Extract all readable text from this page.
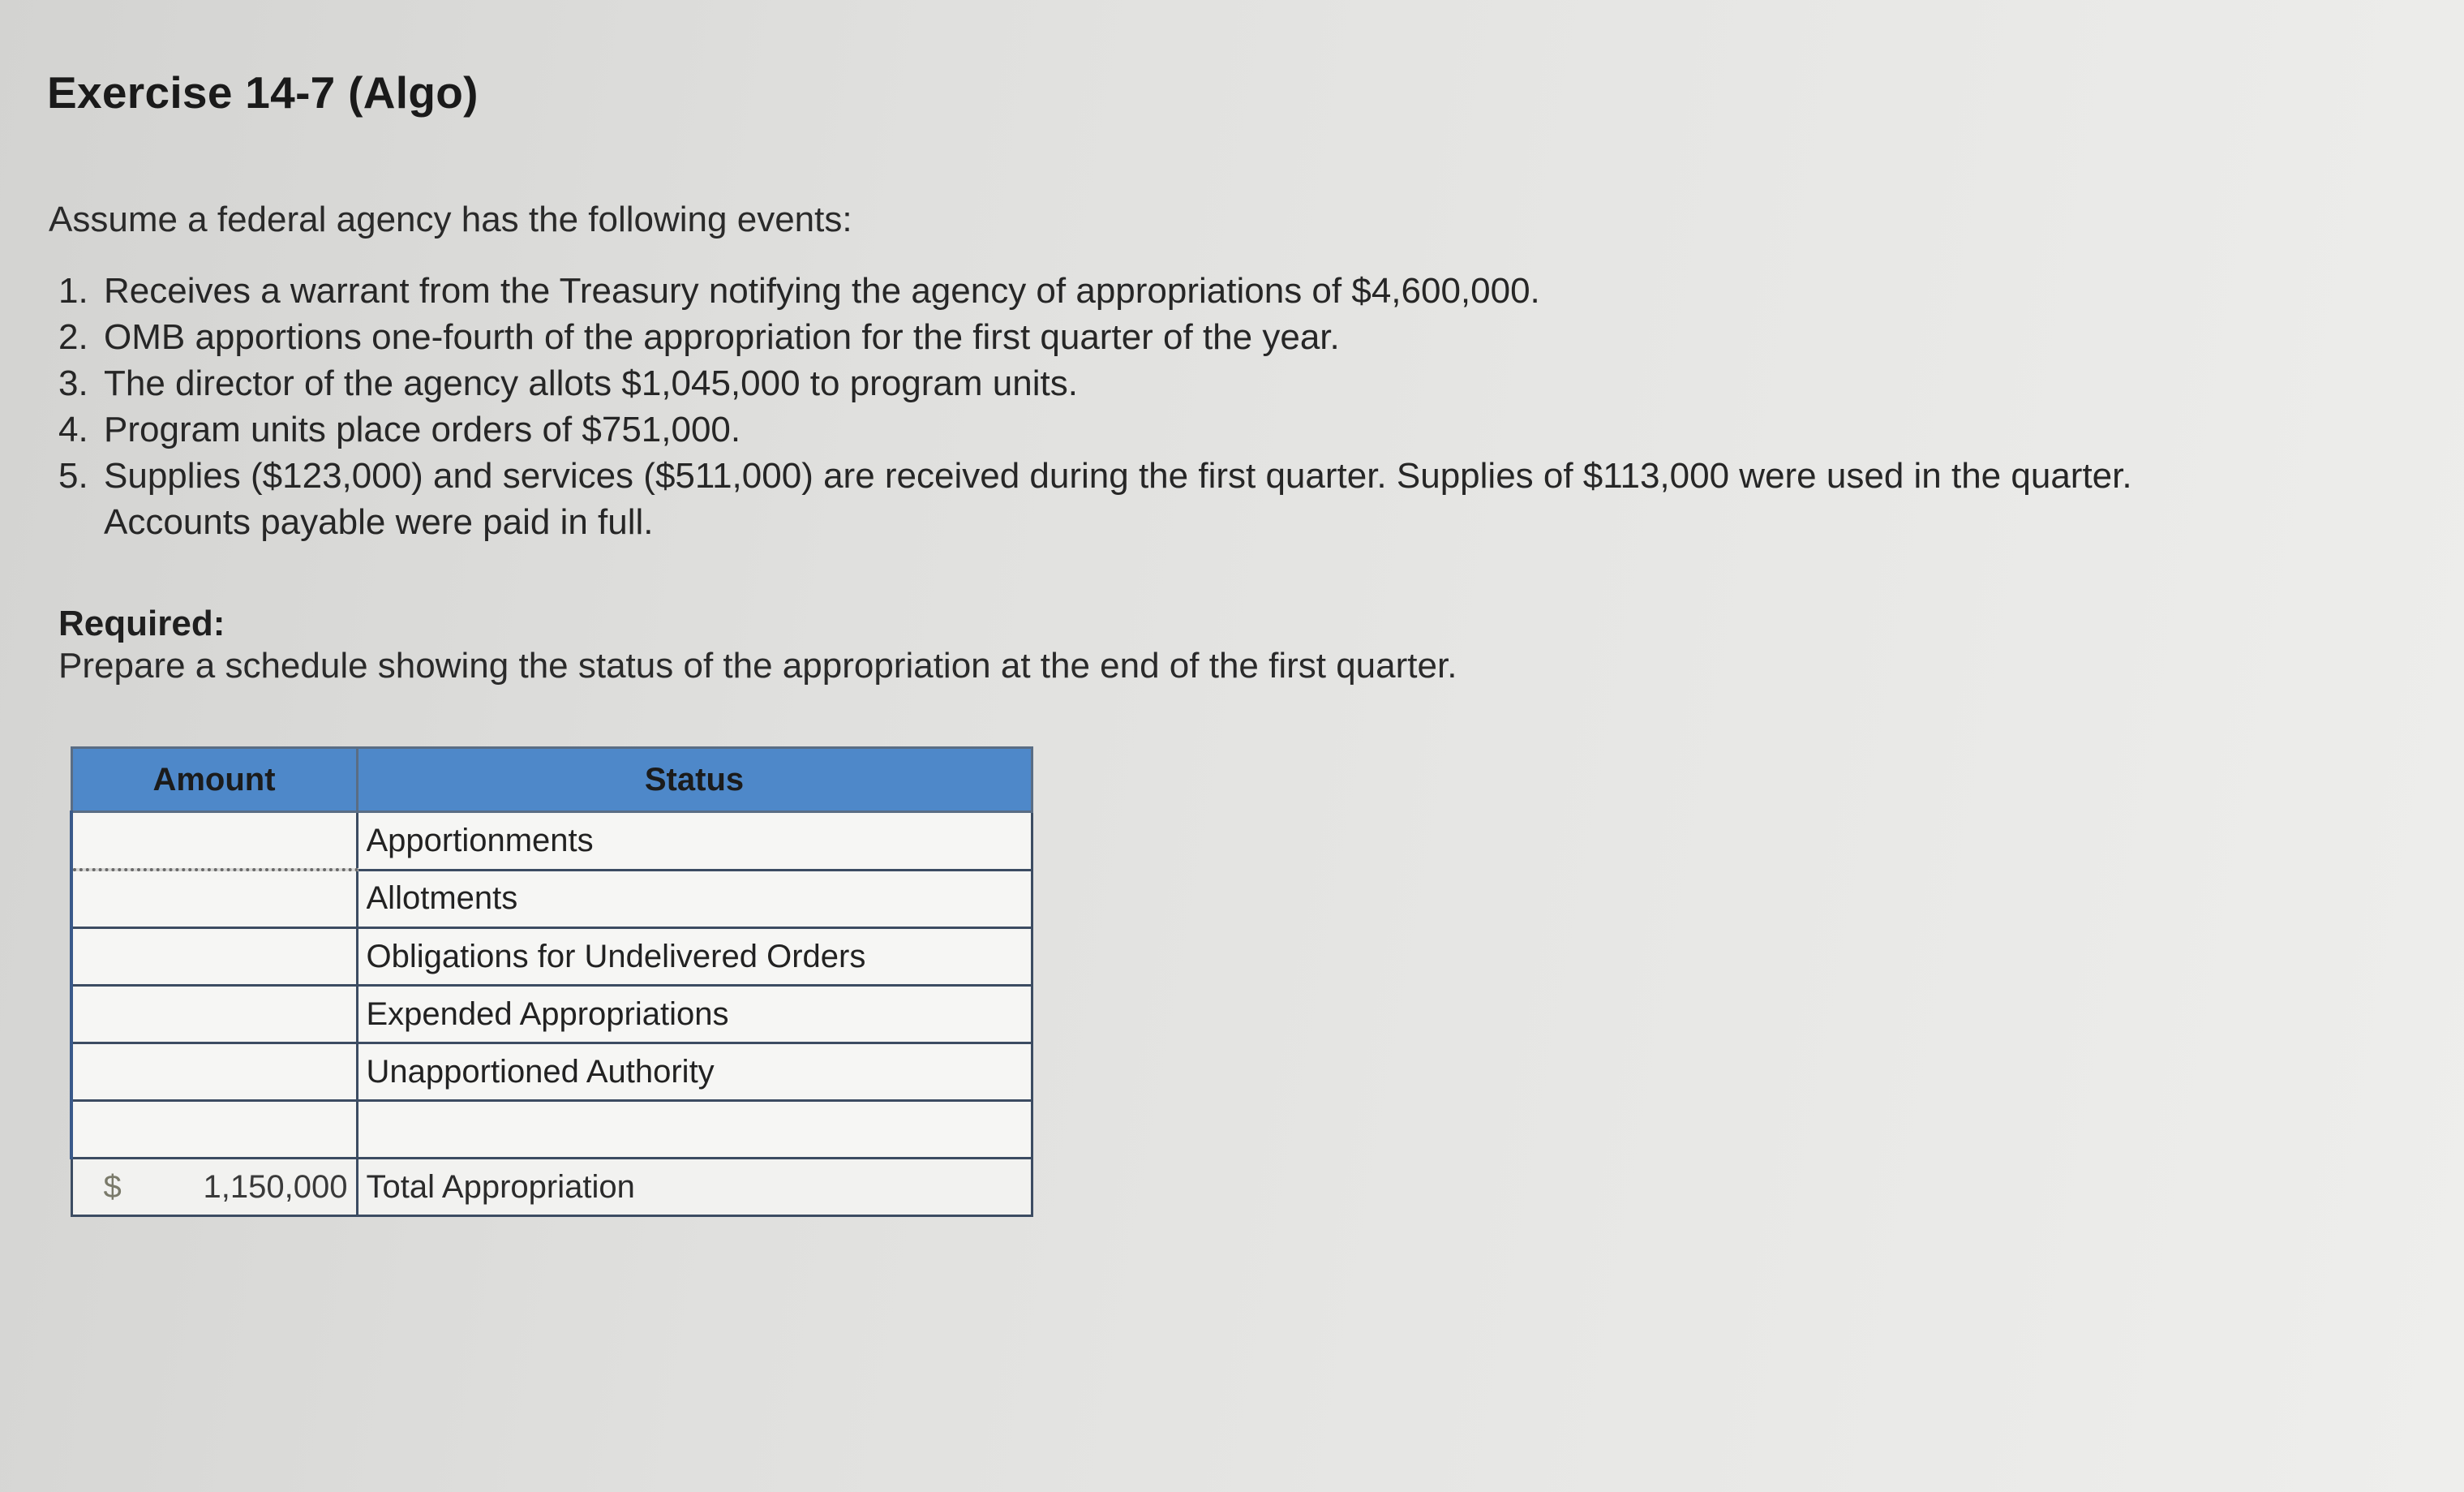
Exercise 14-7 (Algo)

Assume a federal agency has the following events:

1. Receives a warrant from the Treasury notifying the agency of appropriations of $4,600,000.
2. OMB apportions one-fourth of the appropriation for the first quarter of the year.
3. The director of the agency allots $1,045,000 to program units.
4. Program units place orders of $751,000.
5. Supplies ($123,000) and services ($511,000) are received during the first quarter. Supplies of $113,000 were used in the quarter.
Accounts payable were paid in full.

Required:

Prepare a schedule showing the status of the appropriation at the end of the first quarter.

Amount	Status

Apportionments

Allotments

Obligations for Undelivered Orders

Expended Appropriations

Unapportioned Authority

$ 1,150,000	Total Appropriation
